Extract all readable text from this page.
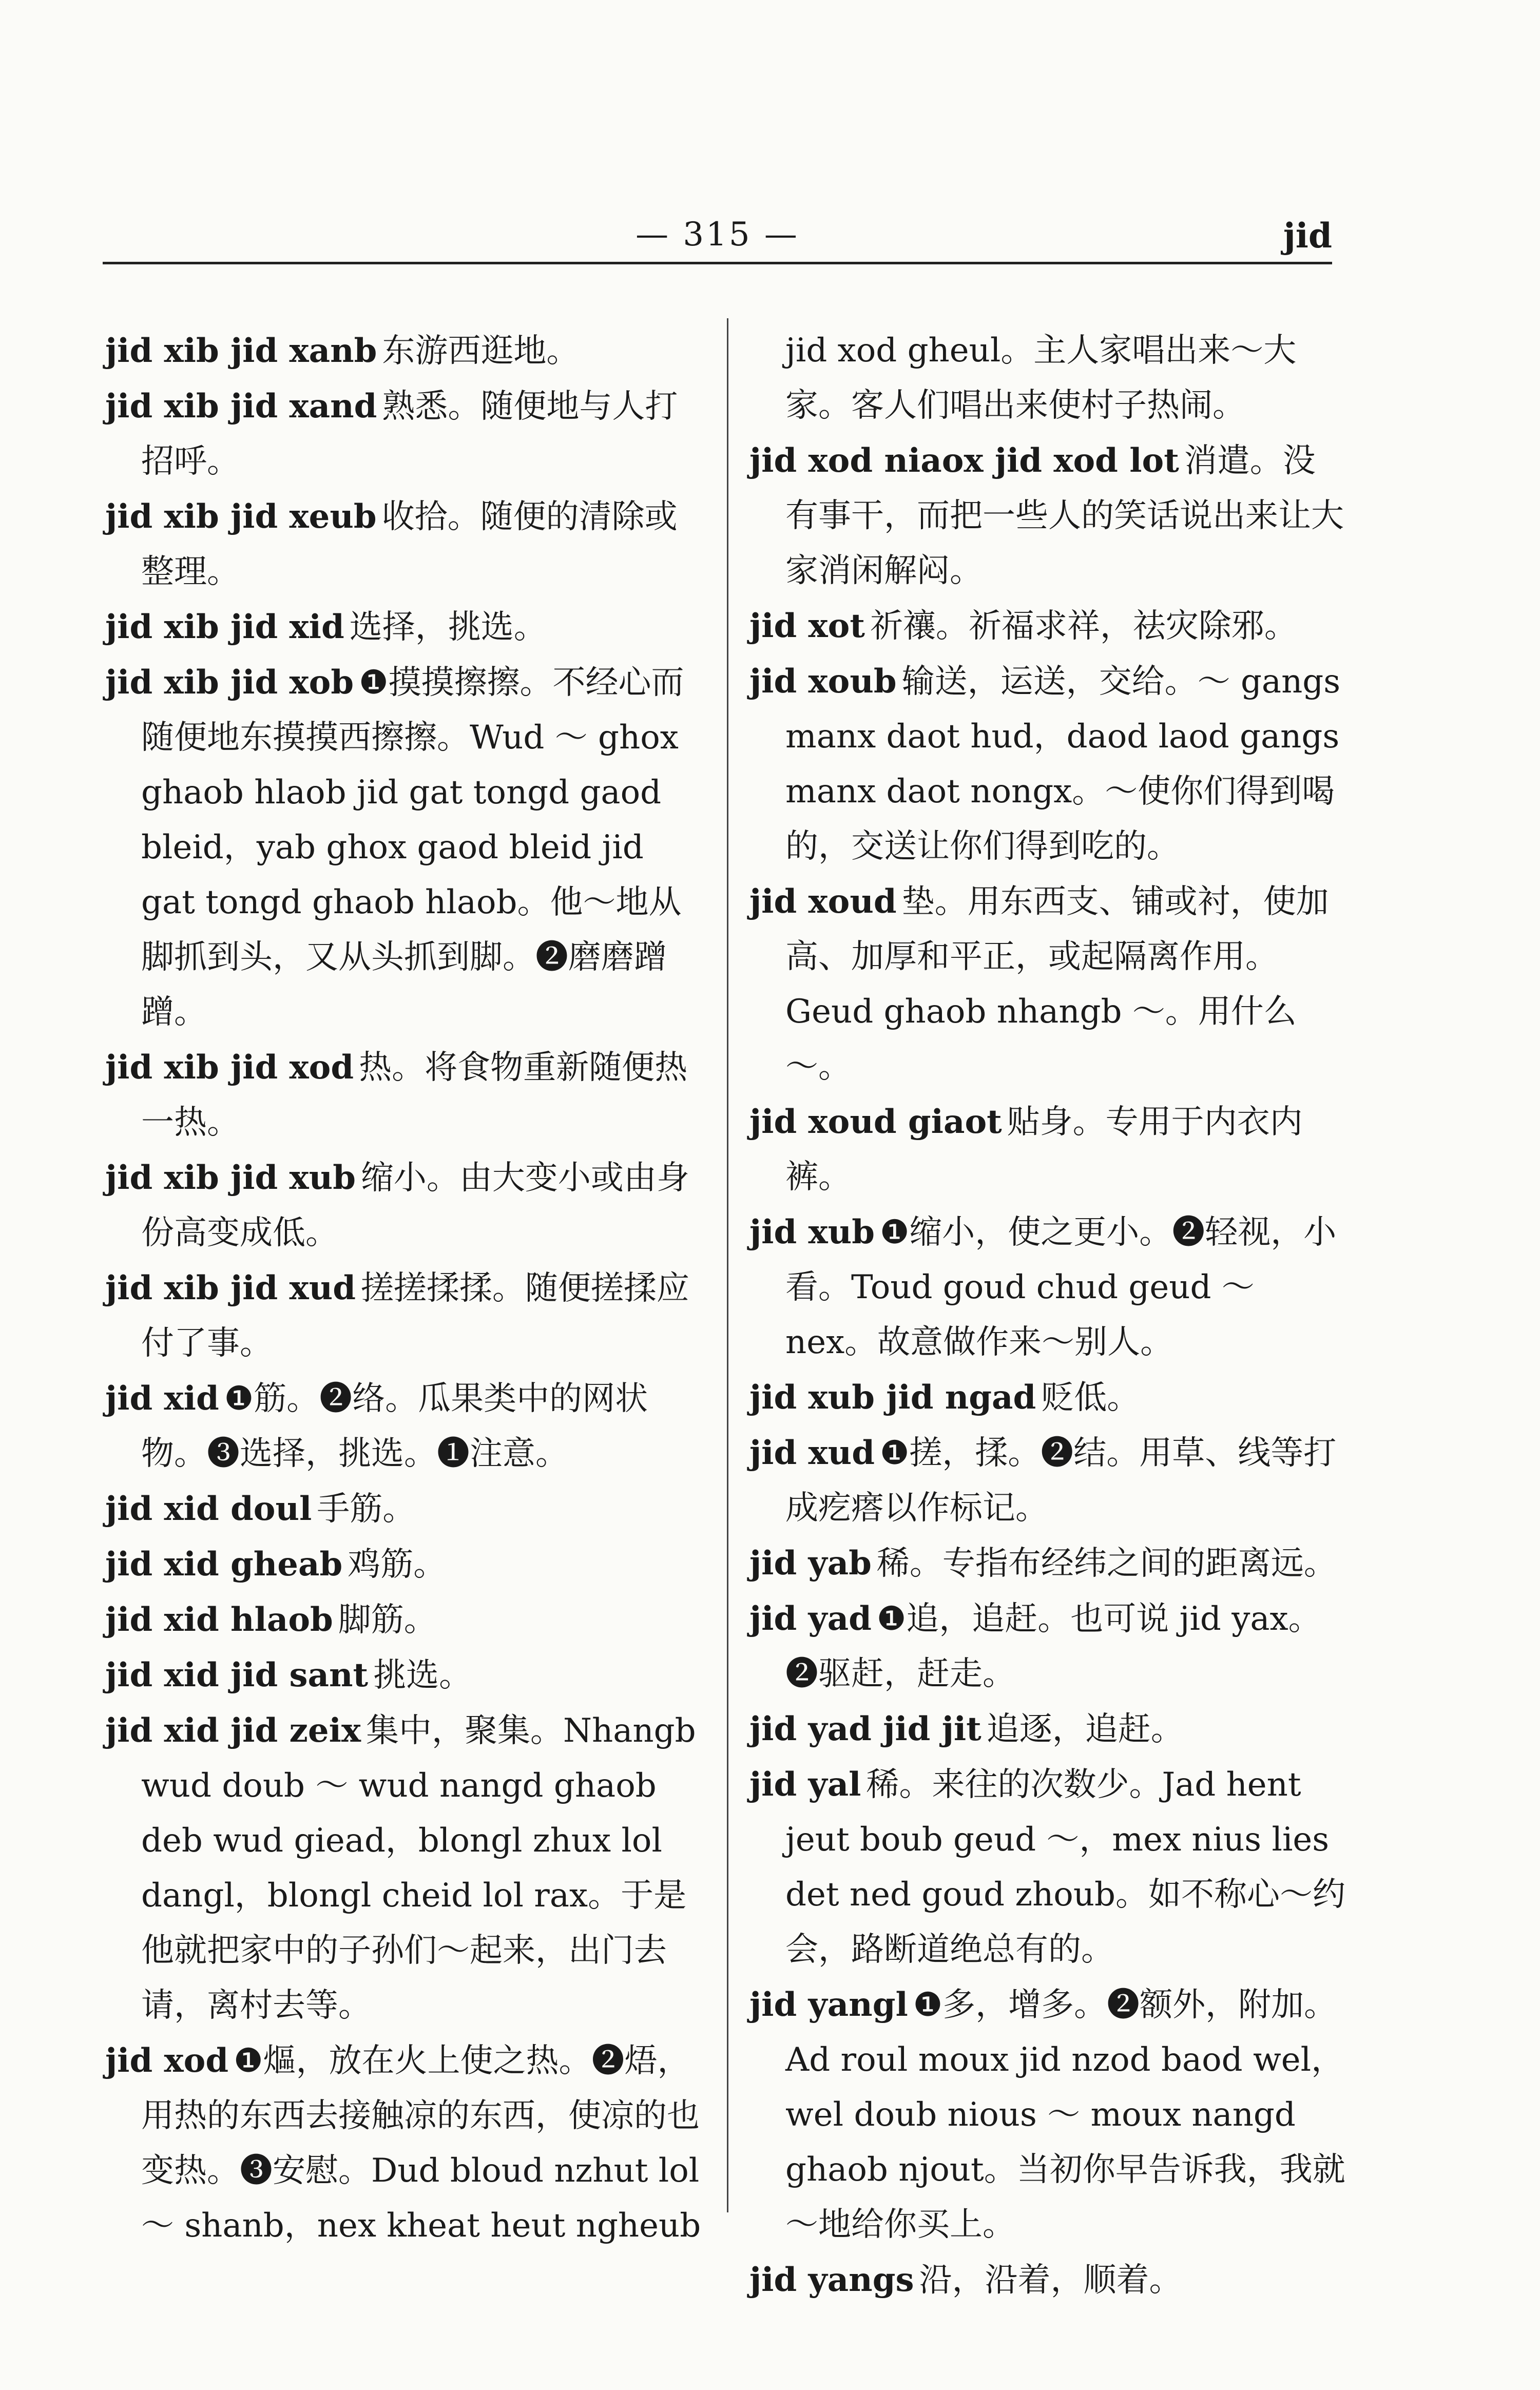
— 315 —	jid

jid xib jid xanb 东游西逛地。

jid xib jid xand 熟悉。随便地与人打招呼。

jid xib jid xeub 收拾。随便的清除或整理。

jid xib jid xid 选择，挑选。

jid xib jid xob ❶摸摸擦擦。不经心而随便地东摸摸西擦擦。Wud ～ ghox ghaob hlaob jid gat tongd gaod bleid，yab ghox gaod bleid jid gat tongd ghaob hlaob。他～地从脚抓到头，又从头抓到脚。❷磨磨蹭蹭。

jid xib jid xod 热。将食物重新随便热一热。

jid xib jid xub 缩小。由大变小或由身份高变成低。

jid xib jid xud 搓搓揉揉。随便搓揉应付了事。

jid xid ❶筋。❷络。瓜果类中的网状物。❸选择，挑选。❶注意。

jid xid doul 手筋。

jid xid gheab 鸡筋。

jid xid hlaob 脚筋。

jid xid jid sant 挑选。

jid xid jid zeix 集中，聚集。Nhangb wud doub ～ wud nangd ghaob deb wud giead，blongl zhux lol dangl，blongl cheid lol rax。于是他就把家中的子孙们～起来，出门去请，离村去等。

jid xod ❶熰，放在火上使之热。❷焐，用热的东西去接触凉的东西，使凉的也变热。❸安慰。Dud bloud nzhut lol ～ shanb，nex kheat heut ngheub

jid xod gheul。主人家唱出来～大家。客人们唱出来使村子热闹。

jid xod niaox jid xod lot 消遣。没有事干，而把一些人的笑话说出来让大家消闲解闷。

jid xot 祈禳。祈福求祥，祛灾除邪。

jid xoub 输送，运送，交给。～ gangs manx daot hud，daod laod gangs manx daot nongx。～使你们得到喝的，交送让你们得到吃的。

jid xoud 垫。用东西支、铺或衬，使加高、加厚和平正，或起隔离作用。Geud ghaob nhangb ～。用什么～。

jid xoud giaot 贴身。专用于内衣内裤。

jid xub ❶缩小，使之更小。❷轻视，小看。Toud goud chud geud ～ nex。故意做作来～别人。

jid xub jid ngad 贬低。

jid xud ❶搓，揉。❷结。用草、线等打成疙瘩以作标记。

jid yab 稀。专指布经纬之间的距离远。

jid yad ❶追，追赶。也可说 jid yax。❷驱赶，赶走。

jid yad jid jit 追逐，追赶。

jid yal 稀。来往的次数少。Jad hent jeut boub geud ～，mex nius lies det ned goud zhoub。如不称心～约会，路断道绝总有的。

jid yangl ❶多，增多。❷额外，附加。Ad roul moux jid nzod baod wel，wel doub nious ～ moux nangd ghaob njout。当初你早告诉我，我就～地给你买上。

jid yangs 沿，沿着，顺着。
